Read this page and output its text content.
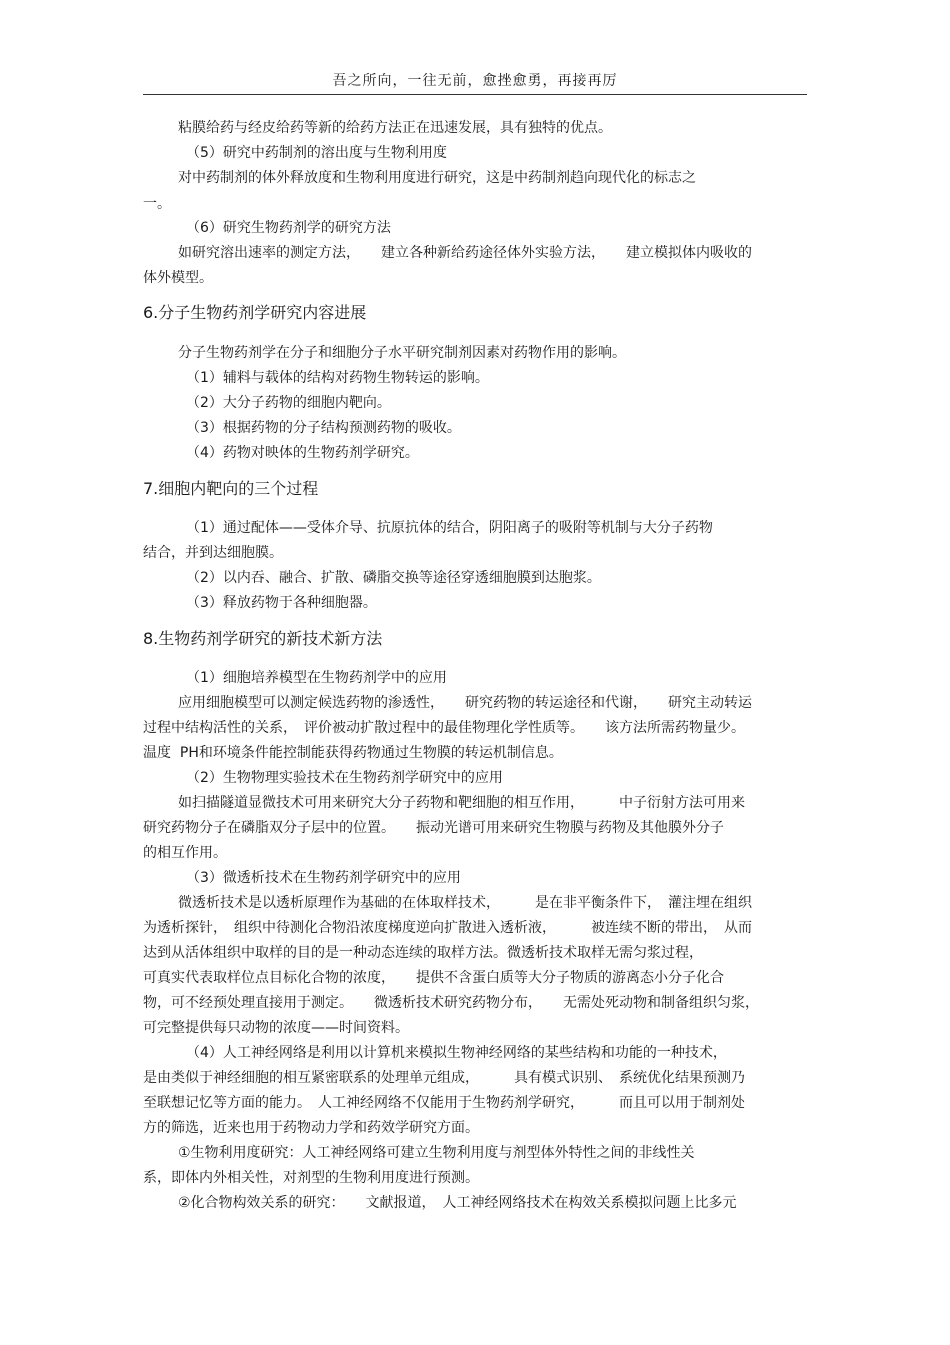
吾之所向，一往无前，愈挫愈勇，再接再厉
粘膜给药与经皮给药等新的给药方法正在迅速发展，具有独特的优点。
（5）研究中药制剂的溶出度与生物利用度
对中药制剂的体外释放度和生物利用度进行研究，这是中药制剂趋向现代化的标志之
一。
（6）研究生物药剂学的研究方法
如研究溶出速率的测定方法，　　建立各种新给药途径体外实验方法，　　建立模拟体内吸收的
体外模型。
6.分子生物药剂学研究内容进展
分子生物药剂学在分子和细胞分子水平研究制剂因素对药物作用的影响。
（1）辅料与载体的结构对药物生物转运的影响。
（2）大分子药物的细胞内靶向。
（3）根据药物的分子结构预测药物的吸收。
（4）药物对映体的生物药剂学研究。
7.细胞内靶向的三个过程
（1）通过配体——受体介导、抗原抗体的结合，阴阳离子的吸附等机制与大分子药物
结合，并到达细胞膜。
（2）以内吞、融合、扩散、磷脂交换等途径穿透细胞膜到达胞浆。
（3）释放药物于各种细胞器。
8.生物药剂学研究的新技术新方法
（1）细胞培养模型在生物药剂学中的应用
应用细胞模型可以测定候选药物的渗透性，　　研究药物的转运途径和代谢，　　研究主动转运
过程中结构活性的关系，　评价被动扩散过程中的最佳物理化学性质等。　　该方法所需药物量少。
温度  PH和环境条件能控制能获得药物通过生物膜的转运机制信息。
（2）生物物理实验技术在生物药剂学研究中的应用
如扫描隧道显微技术可用来研究大分子药物和靶细胞的相互作用，　　　中子衍射方法可用来
研究药物分子在磷脂双分子层中的位置。　　振动光谱可用来研究生物膜与药物及其他膜外分子
的相互作用。
（3）微透析技术在生物药剂学研究中的应用
微透析技术是以透析原理作为基础的在体取样技术，　　　是在非平衡条件下，　灌注埋在组织
为透析探针，　组织中待测化合物沿浓度梯度逆向扩散进入透析液，　　　被连续不断的带出，　从而
达到从活体组织中取样的目的是一种动态连续的取样方法。微透析技术取样无需匀浆过程，
可真实代表取样位点目标化合物的浓度，　　提供不含蛋白质等大分子物质的游离态小分子化合
物，可不经预处理直接用于测定。　　微透析技术研究药物分布，　　无需处死动物和制备组织匀浆，
可完整提供每只动物的浓度——时间资料。
（4）人工神经网络是利用以计算机来模拟生物神经网络的某些结构和功能的一种技术，
是由类似于神经细胞的相互紧密联系的处理单元组成，　　　具有模式识别、　系统优化结果预测乃
至联想记忆等方面的能力。　人工神经网络不仅能用于生物药剂学研究，　　　而且可以用于制剂处
方的筛选，近来也用于药物动力学和药效学研究方面。
①生物利用度研究：人工神经网络可建立生物利用度与剂型体外特性之间的非线性关
系，即体内外相关性，对剂型的生物利用度进行预测。
②化合物构效关系的研究：　　文献报道，　人工神经网络技术在构效关系模拟问题上比多元
